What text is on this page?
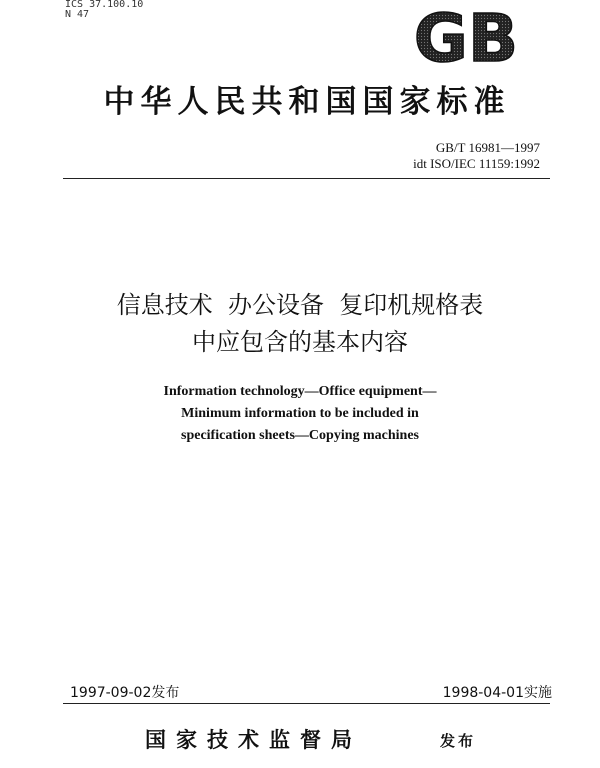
ICS 37.100.10
N 47	GB
中华人民共和国国家标准
GB/T 16981—1997
idt ISO/IEC 11159:1992
信息技术  办公设备  复印机规格表
中应包含的基本内容
Information technology—Office equipment—
Minimum information to be included in
specification sheets—Copying machines
1997-09-02发布	1998-04-01实施
国家技术监督局	发布
